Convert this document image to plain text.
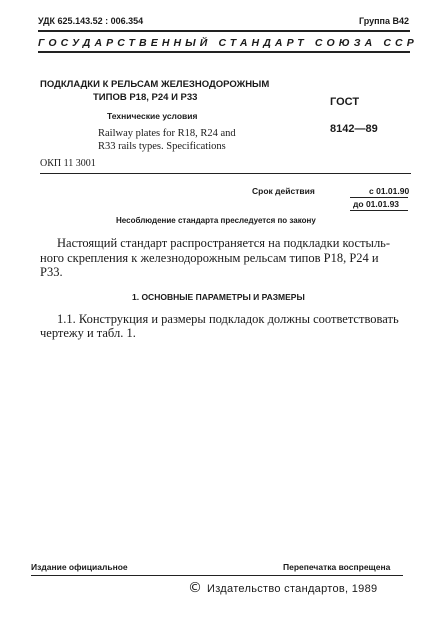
УДК 625.143.52 : 006.354	Группа В42
ГОСУДАРСТВЕННЫЙ СТАНДАРТ СОЮЗА ССР
ПОДКЛАДКИ К РЕЛЬСАМ ЖЕЛЕЗНОДОРОЖНЫМ
ТИПОВ Р18, Р24 И Р33
Технические условия
Railway plates for R18, R24 and
R33 rails types. Specifications
ОКП 11 3001
ГОСТ
8142—89
Срок действия	с 01.01.90
до 01.01.93
Несоблюдение стандарта преследуется по закону
Настоящий стандарт распространяется на подкладки костыль-
ного скрепления к железнодорожным рельсам типов Р18, Р24 и
Р33.
1. ОСНОВНЫЕ ПАРАМЕТРЫ И РАЗМЕРЫ
1.1. Конструкция и размеры подкладок должны соответствовать
чертежу и табл. 1.
Издание официальное	Перепечатка воспрещена
© Издательство стандартов, 1989
